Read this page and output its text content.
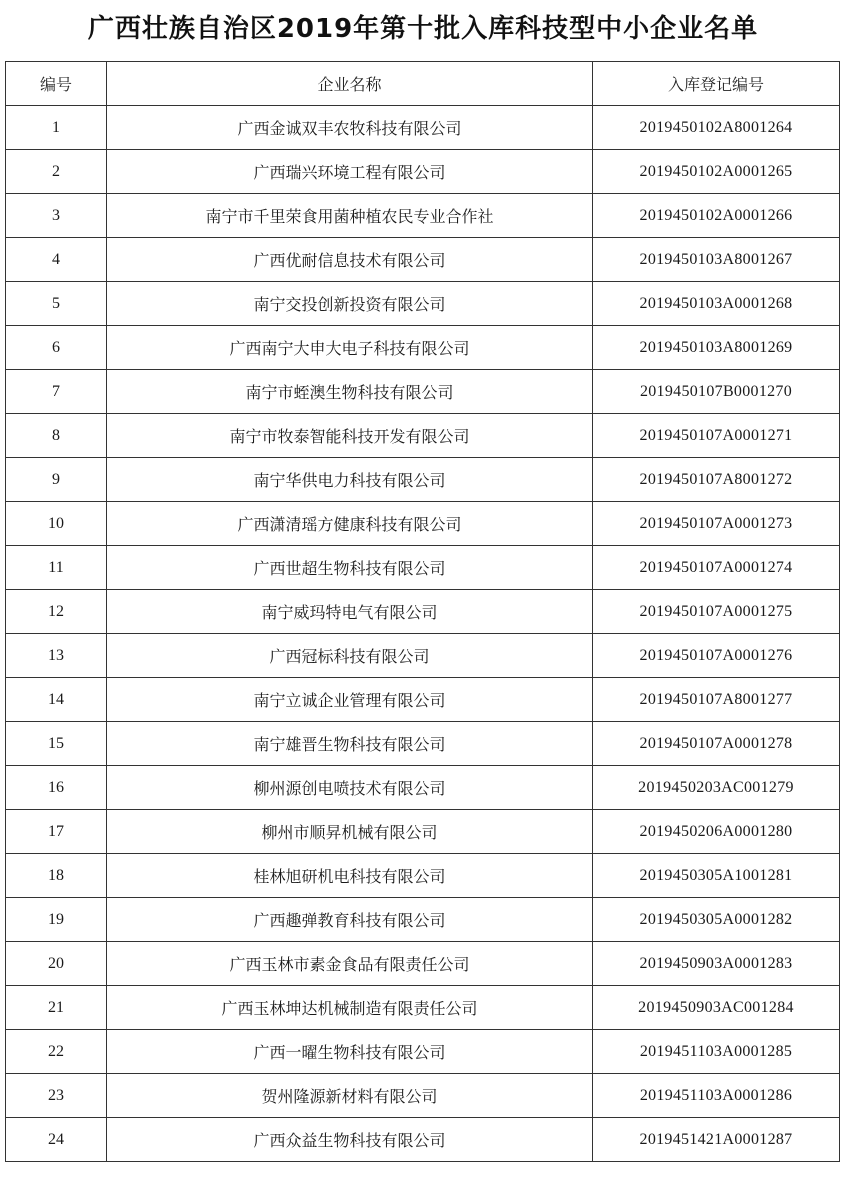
广西壮族自治区2019年第十批入库科技型中小企业名单
编号	企业名称	入库登记编号
1	广西金诚双丰农牧科技有限公司	2019450102A8001264
2	广西瑞兴环境工程有限公司	2019450102A0001265
3	南宁市千里荣食用菌种植农民专业合作社	2019450102A0001266
4	广西优耐信息技术有限公司	2019450103A8001267
5	南宁交投创新投资有限公司	2019450103A0001268
6	广西南宁大申大电子科技有限公司	2019450103A8001269
7	南宁市蛭澳生物科技有限公司	2019450107B0001270
8	南宁市牧泰智能科技开发有限公司	2019450107A0001271
9	南宁华供电力科技有限公司	2019450107A8001272
10	广西潇清瑶方健康科技有限公司	2019450107A0001273
11	广西世超生物科技有限公司	2019450107A0001274
12	南宁威玛特电气有限公司	2019450107A0001275
13	广西冠标科技有限公司	2019450107A0001276
14	南宁立诚企业管理有限公司	2019450107A8001277
15	南宁雄晋生物科技有限公司	2019450107A0001278
16	柳州源创电喷技术有限公司	2019450203AC001279
17	柳州市顺昇机械有限公司	2019450206A0001280
18	桂林旭研机电科技有限公司	2019450305A1001281
19	广西趣弹教育科技有限公司	2019450305A0001282
20	广西玉林市素金食品有限责任公司	2019450903A0001283
21	广西玉林坤达机械制造有限责任公司	2019450903AC001284
22	广西一曜生物科技有限公司	2019451103A0001285
23	贺州隆源新材料有限公司	2019451103A0001286
24	广西众益生物科技有限公司	2019451421A0001287
